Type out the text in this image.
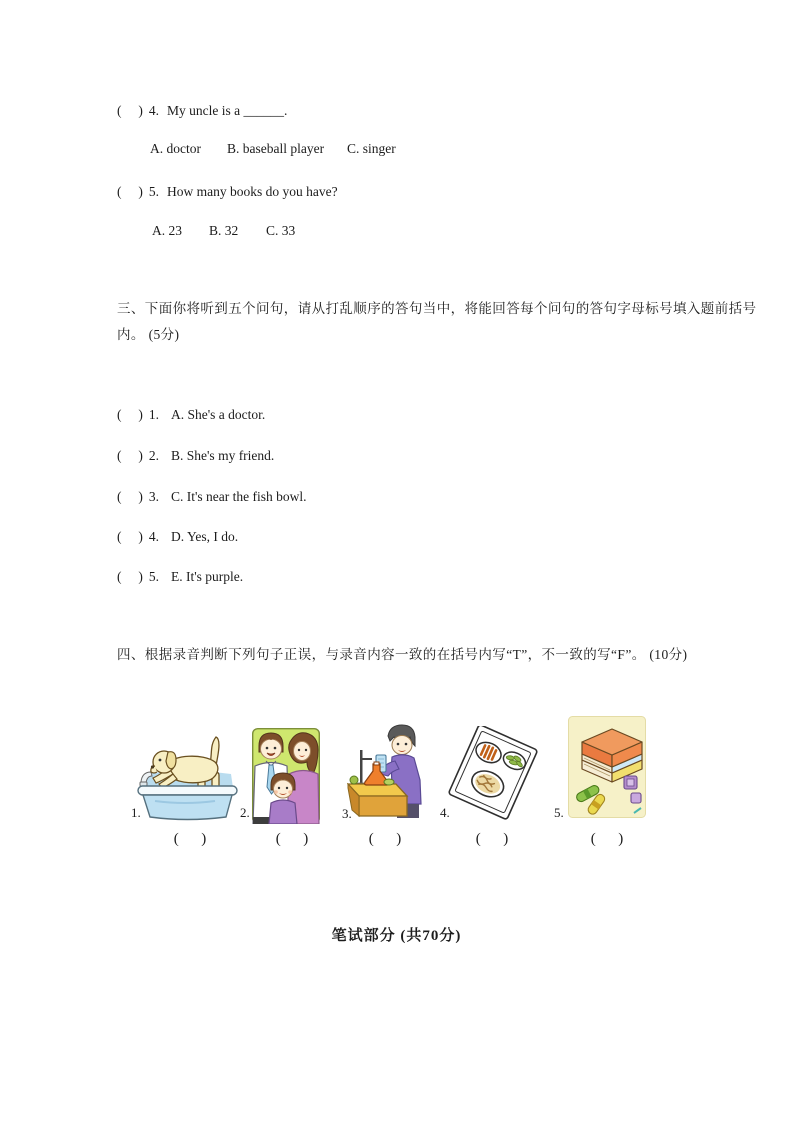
(     ) 4. My uncle is a ______.
A. doctor B. baseball player C. singer
(     ) 5. How many books do you have?
A. 23 B. 32 C. 33
三、下面你将听到五个问句，请从打乱顺序的答句当中，将能回答每个问句的答句字母标号填入题前括号
内。 (5分)
(     ) 1. A. She's a doctor.
(     ) 2. B. She's my friend.
(     ) 3. C. It's near the fish bowl.
(     ) 4. D. Yes, I do.
(     ) 5. E. It's purple.
四、根据录音判断下列句子正误，与录音内容一致的在括号内写“T”，不一致的写“F”。 (10分)
1.	2.	3.	4.	5.
(      )	(      )	(      )	(      )	(      )
笔试部分 (共70分)
